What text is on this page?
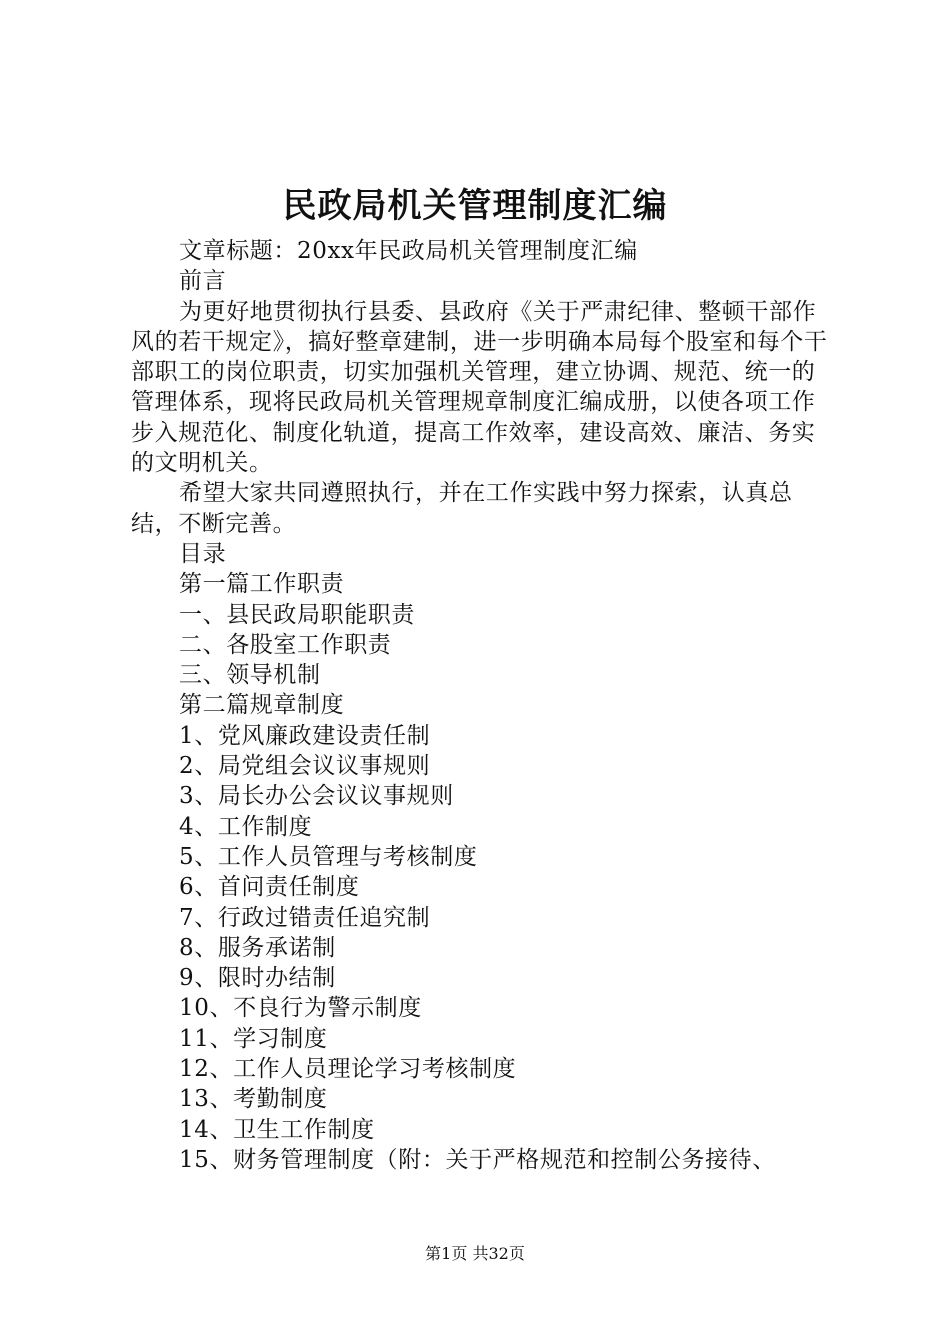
民政局机关管理制度汇编

文章标题：20xx年民政局机关管理制度汇编

前言

为更好地贯彻执行县委、县政府《关于严肃纪律、整顿干部作风的若干规定》，搞好整章建制，进一步明确本局每个股室和每个干部职工的岗位职责，切实加强机关管理，建立协调、规范、统一的管理体系，现将民政局机关管理规章制度汇编成册，以使各项工作步入规范化、制度化轨道，提高工作效率，建设高效、廉洁、务实的文明机关。

希望大家共同遵照执行，并在工作实践中努力探索，认真总结，不断完善。

目录

第一篇工作职责

一、县民政局职能职责

二、各股室工作职责

三、领导机制

第二篇规章制度

1、党风廉政建设责任制

2、局党组会议议事规则

3、局长办公会议议事规则

4、工作制度

5、工作人员管理与考核制度

6、首问责任制度

7、行政过错责任追究制

8、服务承诺制

9、限时办结制

10、不良行为警示制度

11、学习制度

12、工作人员理论学习考核制度

13、考勤制度

14、卫生工作制度

15、财务管理制度（附：关于严格规范和控制公务接待、

第1页 共32页
